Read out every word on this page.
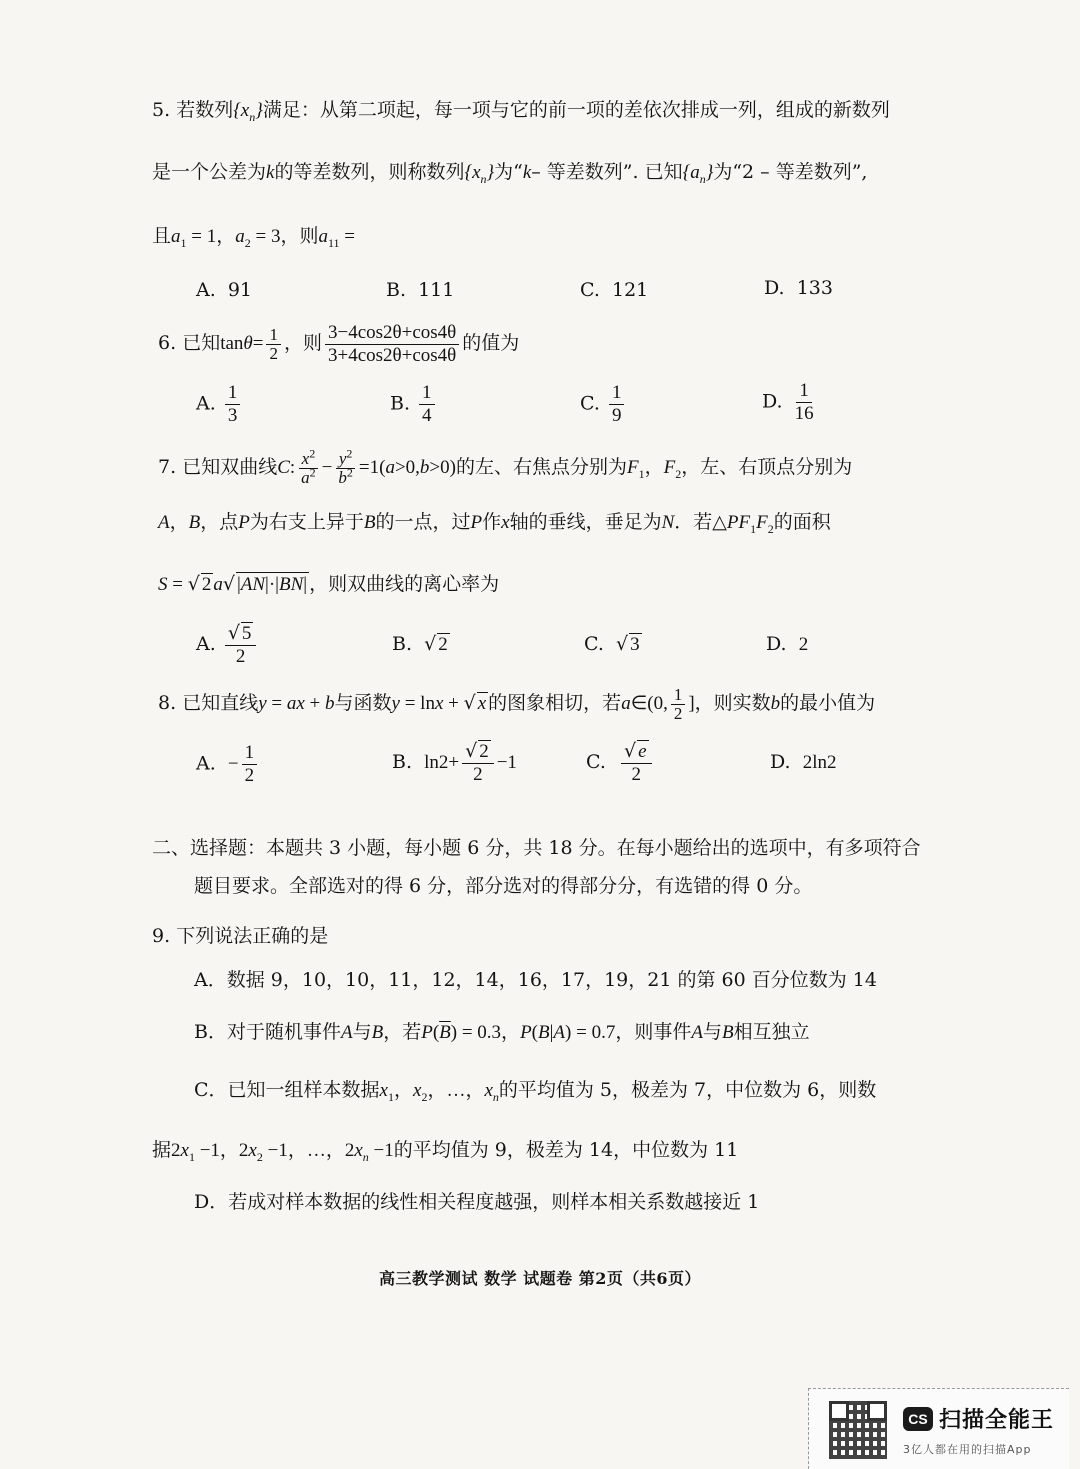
5. 若数列$\{x_n\}$满足：从第二项起，每一项与它的前一项的差依次排成一列，组成的新数列
是一个公差为k的等差数列，则称数列$\{x_n\}$为“k– 等差数列”. 已知$\{a_n\}$为“2 – 等差数列”,
且$a_1 = 1$，$a_2 = 3$，则$a_{11}$ =
A.  91	B.  111	C.  121	D.  133
6. 已知$\tan\theta= \frac{1}{2}$ ，则 $\frac{3-4\cos 2\theta+\cos 4\theta}{3+4\cos 2\theta+\cos 4\theta}$ 的值为
A. $\frac{1}{3}$	B. $\frac{1}{4}$	C. $\frac{1}{9}$	D. $\frac{1}{16}$
7. 已知双曲线C: $\frac{x^2}{a^2} - \frac{y^2}{b^2} =1(a>0,b>0)$的左、右焦点分别为$F_1$，$F_2$，左、右顶点分别为
A，B，点P为右支上异于B的一点，过P作x轴的垂线，垂足为N．若$\triangle PF_1F_2$的面积
S = √ 2 a√ |AN|·|BN| ，则双曲线的离心率为
A. $\frac{√ 5}{2}$	B.  √ 2	C.  √ 3	D.  2
8. 已知直线y = ax + b与函数y = lnx + √ x 的图象相切，若a∈(0, $\frac{1}{2}$ ]，则实数b的最小值为
A.  − $\frac{1}{2}$	B.  $\ln 2+ \frac{√ 2}{2} -1$	C. $\frac{√ e}{2}$	D.  2ln2
二、选择题：本题共 3 小题，每小题 6 分，共 18 分。在每小题给出的选项中，有多项符合
题目要求。全部选对的得 6 分，部分选对的得部分分，有选错的得 0 分。
9. 下列说法正确的是
A．数据 9，10，10，11，12，14，16，17，19，21 的第 60 百分位数为 14
B．对于随机事件A与B，若$P(\overline{B}) = 0.3$，P(B|A) = 0.7，则事件A与B相互独立
C．已知一组样本数据$x_1$，$x_2$，…，$x_n$的平均值为 5，极差为 7，中位数为 6，则数
据$2x_1 -1$，$2x_2 -1$，…，$2x_n -1$的平均值为 9，极差为 14，中位数为 11
D．若成对样本数据的线性相关程度越强，则样本相关系数越接近 1
高三教学测试 数学 试题卷 第2页（共6页）
CS 扫描全能王
3亿人都在用的扫描App
